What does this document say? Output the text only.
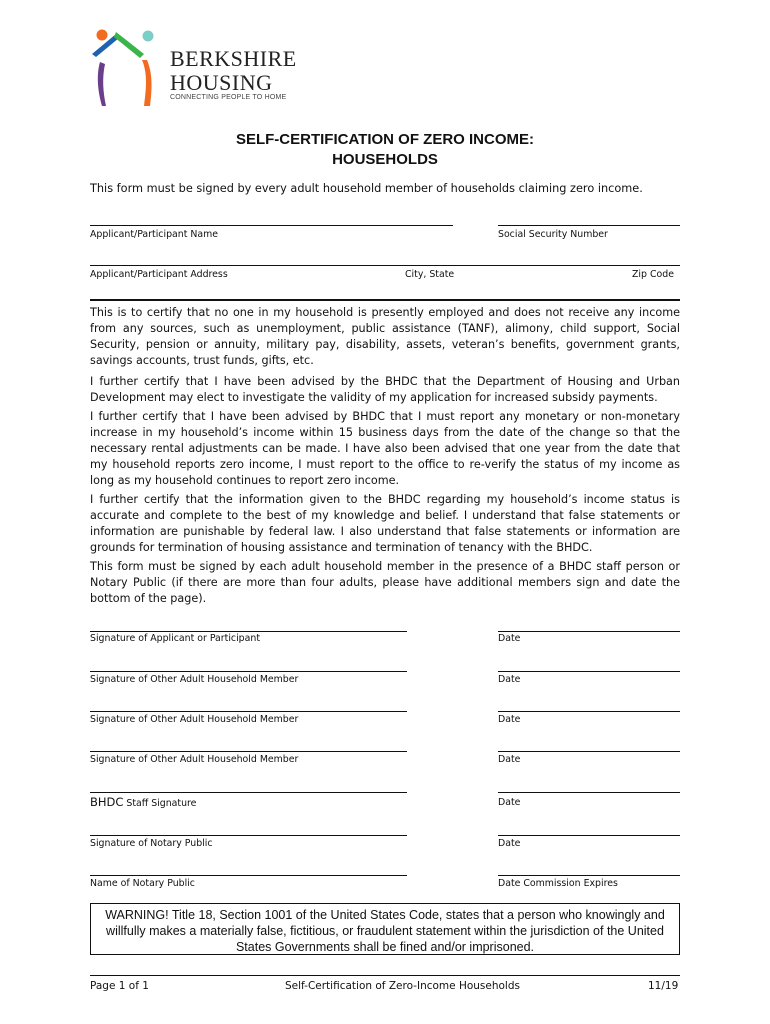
BERKSHIRE
HOUSING
CONNECTING PEOPLE TO HOME
SELF-CERTIFICATION OF ZERO INCOME:
HOUSEHOLDS
This form must be signed by every adult household member of households claiming zero income.
Applicant/Participant Name	Social Security Number
Applicant/Participant Address	City, State	Zip Code
This is to certify that no one in my household is presently employed and does not receive any income from any sources, such as unemployment, public assistance (TANF), alimony, child support, Social Security, pension or annuity, military pay, disability, assets, veteran’s benefits, government grants, savings accounts, trust funds, gifts, etc.
I further certify that I have been advised by the BHDC that the Department of Housing and Urban Development may elect to investigate the validity of my application for increased subsidy payments.
I further certify that I have been advised by BHDC that I must report any monetary or non-monetary increase in my household’s income within 15 business days from the date of the change so that the necessary rental adjustments can be made. I have also been advised that one year from the date that my household reports zero income, I must report to the office to re-verify the status of my income as long as my household continues to report zero income.
I further certify that the information given to the BHDC regarding my household’s income status is accurate and complete to the best of my knowledge and belief. I understand that false statements or information are punishable by federal law. I also understand that false statements or information are grounds for termination of housing assistance and termination of tenancy with the BHDC.
This form must be signed by each adult household member in the presence of a BHDC staff person or Notary Public (if there are more than four adults, please have additional members sign and date the bottom of the page).
Signature of Applicant or Participant	Date
Signature of Other Adult Household Member	Date
Signature of Other Adult Household Member	Date
Signature of Other Adult Household Member	Date
BHDC Staff Signature	Date
Signature of Notary Public	Date
Name of Notary Public	Date Commission Expires
WARNING! Title 18, Section 1001 of the United States Code, states that a person who knowingly and willfully makes a materially false, fictitious, or fraudulent statement within the jurisdiction of the United States Governments shall be fined and/or imprisoned.
Page 1 of 1	Self-Certification of Zero-Income Households	11/19
